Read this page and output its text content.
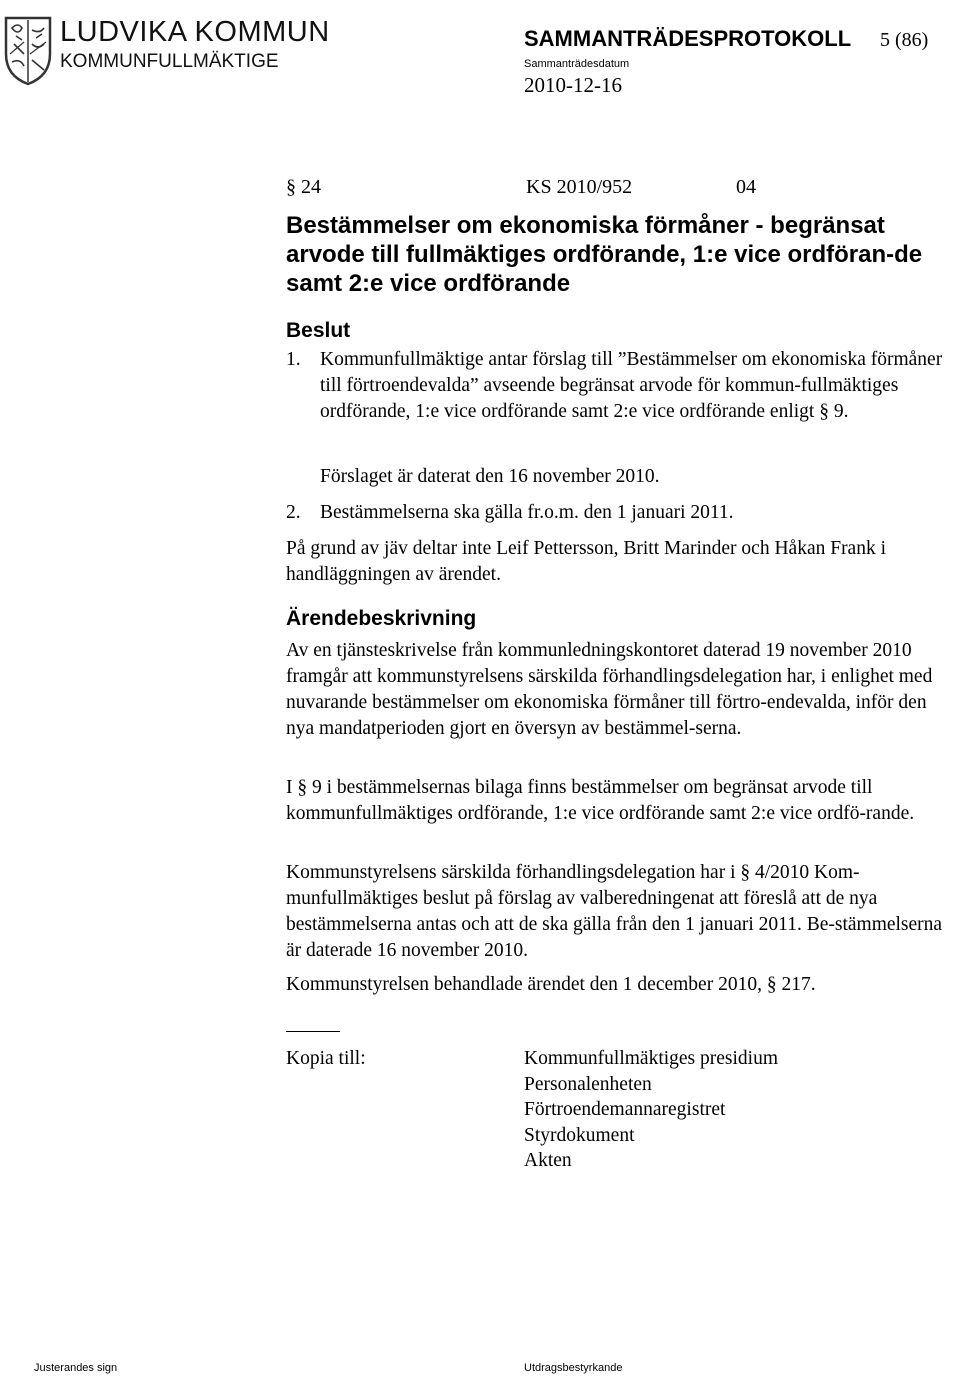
LUDVIKA KOMMUN
KOMMUNFULLMÄKTIGE
SAMMANTRÄDESPROTOKOLL 5 (86)
Sammanträdesdatum
2010-12-16
§ 24	KS 2010/952	04
Bestämmelser om ekonomiska förmåner - begränsat arvode till fullmäktiges ordförande, 1:e vice ordföran-de samt 2:e vice ordförande
Beslut
1. Kommunfullmäktige antar förslag till ”Bestämmelser om ekonomiska förmåner till förtroendevalda” avseende begränsat arvode för kommun-fullmäktiges ordförande, 1:e vice ordförande samt 2:e vice ordförande enligt § 9.
Förslaget är daterat den 16 november 2010.
2. Bestämmelserna ska gälla fr.o.m. den 1 januari 2011.
På grund av jäv deltar inte Leif Pettersson, Britt Marinder och Håkan Frank i handläggningen av ärendet.
Ärendebeskrivning
Av en tjänsteskrivelse från kommunledningskontoret daterad 19 november 2010 framgår att kommunstyrelsens särskilda förhandlingsdelegation har, i enlighet med nuvarande bestämmelser om ekonomiska förmåner till förtro-endevalda, inför den nya mandatperioden gjort en översyn av bestämmel-serna.
I § 9 i bestämmelsernas bilaga finns bestämmelser om begränsat arvode till kommunfullmäktiges ordförande, 1:e vice ordförande samt 2:e vice ordfö-rande.
Kommunstyrelsens särskilda förhandlingsdelegation har i § 4/2010 Kom-munfullmäktiges beslut på förslag av valberedningenat att föreslå att de nya bestämmelserna antas och att de ska gälla från den 1 januari 2011. Be-stämmelserna är daterade 16 november 2010.
Kommunstyrelsen behandlade ärendet den 1 december 2010, § 217.
Kopia till:	Kommunfullmäktiges presidium
Personalenheten
Förtroendemannaregistret
Styrdokument
Akten
Justerandes sign	Utdragsbestyrkande
